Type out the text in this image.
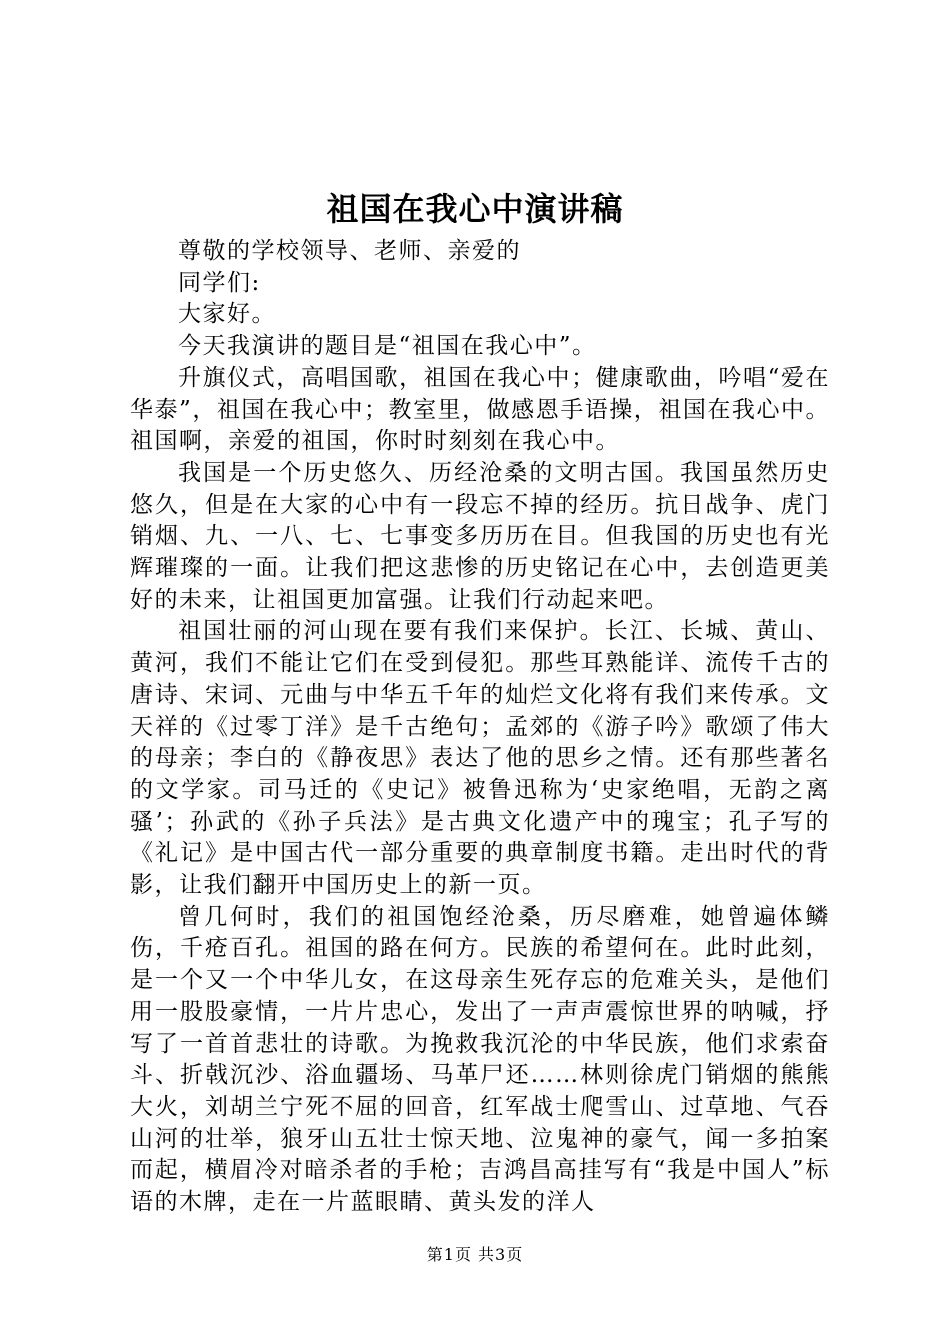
祖国在我心中演讲稿

尊敬的学校领导、老师、亲爱的

同学们:

大家好。

今天我演讲的题目是“祖国在我心中”。

升旗仪式，高唱国歌，祖国在我心中；健康歌曲，吟唱“爱在华泰”，祖国在我心中；教室里，做感恩手语操，祖国在我心中。祖国啊，亲爱的祖国，你时时刻刻在我心中。

我国是一个历史悠久、历经沧桑的文明古国。我国虽然历史悠久，但是在大家的心中有一段忘不掉的经历。抗日战争、虎门销烟、九、一八、七、七事变多历历在目。但我国的历史也有光辉璀璨的一面。让我们把这悲惨的历史铭记在心中，去创造更美好的未来，让祖国更加富强。让我们行动起来吧。

祖国壮丽的河山现在要有我们来保护。长江、长城、黄山、黄河，我们不能让它们在受到侵犯。那些耳熟能详、流传千古的唐诗、宋词、元曲与中华五千年的灿烂文化将有我们来传承。文天祥的《过零丁洋》是千古绝句；孟郊的《游子吟》歌颂了伟大的母亲；李白的《静夜思》表达了他的思乡之情。还有那些著名的文学家。司马迁的《史记》被鲁迅称为‘史家绝唱，无韵之离骚’；孙武的《孙子兵法》是古典文化遗产中的瑰宝；孔子写的《礼记》是中国古代一部分重要的典章制度书籍。走出时代的背影，让我们翻开中国历史上的新一页。

曾几何时，我们的祖国饱经沧桑，历尽磨难，她曾遍体鳞伤，千疮百孔。祖国的路在何方。民族的希望何在。此时此刻，是一个又一个中华儿女，在这母亲生死存忘的危难关头，是他们用一股股豪情，一片片忠心，发出了一声声震惊世界的呐喊，抒写了一首首悲壮的诗歌。为挽救我沉沦的中华民族，他们求索奋斗、折戟沉沙、浴血疆场、马革尸还……林则徐虎门销烟的熊熊大火，刘胡兰宁死不屈的回音，红军战士爬雪山、过草地、气吞山河的壮举，狼牙山五壮士惊天地、泣鬼神的豪气，闻一多拍案而起，横眉冷对暗杀者的手枪；吉鸿昌高挂写有“我是中国人”标语的木牌，走在一片蓝眼睛、黄头发的洋人

第1页 共3页
